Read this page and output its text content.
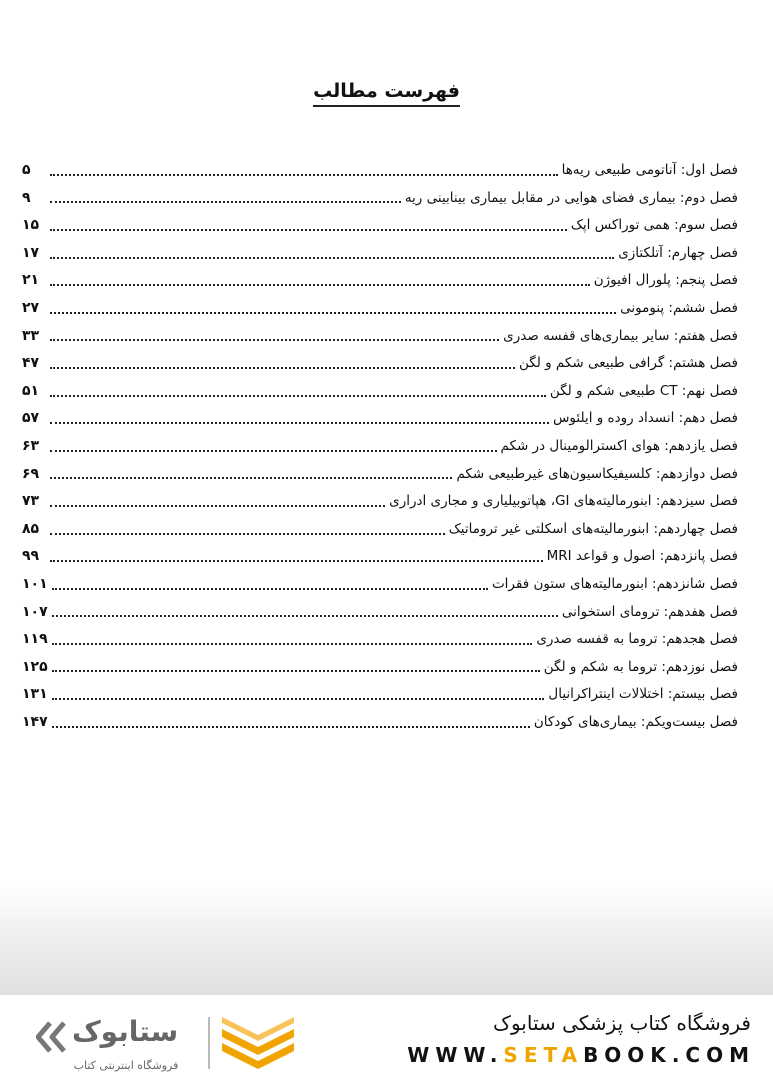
فهرست مطالب
فصل اول: آناتومی طبیعی ریه‌ها
۵
فصل دوم: بیماری فضای هوایی در مقابل بیماری بینابینی ریه
۹
فصل سوم: همی توراکس اپک
۱۵
فصل چهارم: آتلکتازی
۱۷
فصل پنجم: پلورال افیوژن
۲۱
فصل ششم: پنومونی
۲۷
فصل هفتم: سایر بیماری‌های قفسه صدری
۳۳
فصل هشتم: گرافی طبیعی شکم و لگن
۴۷
فصل نهم: CT طبیعی شکم و لگن
۵۱
فصل دهم: انسداد روده و ایلئوس
۵۷
فصل یازدهم: هوای اکسترالومینال در شکم
۶۳
فصل دوازدهم: کلسیفیکاسیون‌های غیرطبیعی شکم
۶۹
فصل سیزدهم: ابنورمالیته‌های GI، هپاتوبیلیاری و مجاری ادراری
۷۳
فصل چهاردهم: ابنورمالیته‌های اسکلتی غیر تروماتیک
۸۵
فصل پانزدهم: اصول و قواعد MRI
۹۹
فصل شانزدهم: ابنورمالیته‌های ستون فقرات
۱۰۱
فصل هفدهم: ترومای استخوانی
۱۰۷
فصل هجدهم: تروما به قفسه صدری
۱۱۹
فصل نوزدهم: تروما به شکم و لگن
۱۲۵
فصل بیستم: اختلالات اینتراکرانیال
۱۳۱
فصل بیست‌ویکم: بیماری‌های کودکان
۱۴۷
ستابوک
فروشگاه اینترنتی کتاب
فروشگاه کتاب پزشکی ستابوک
WWW.SETABOOK.COM
